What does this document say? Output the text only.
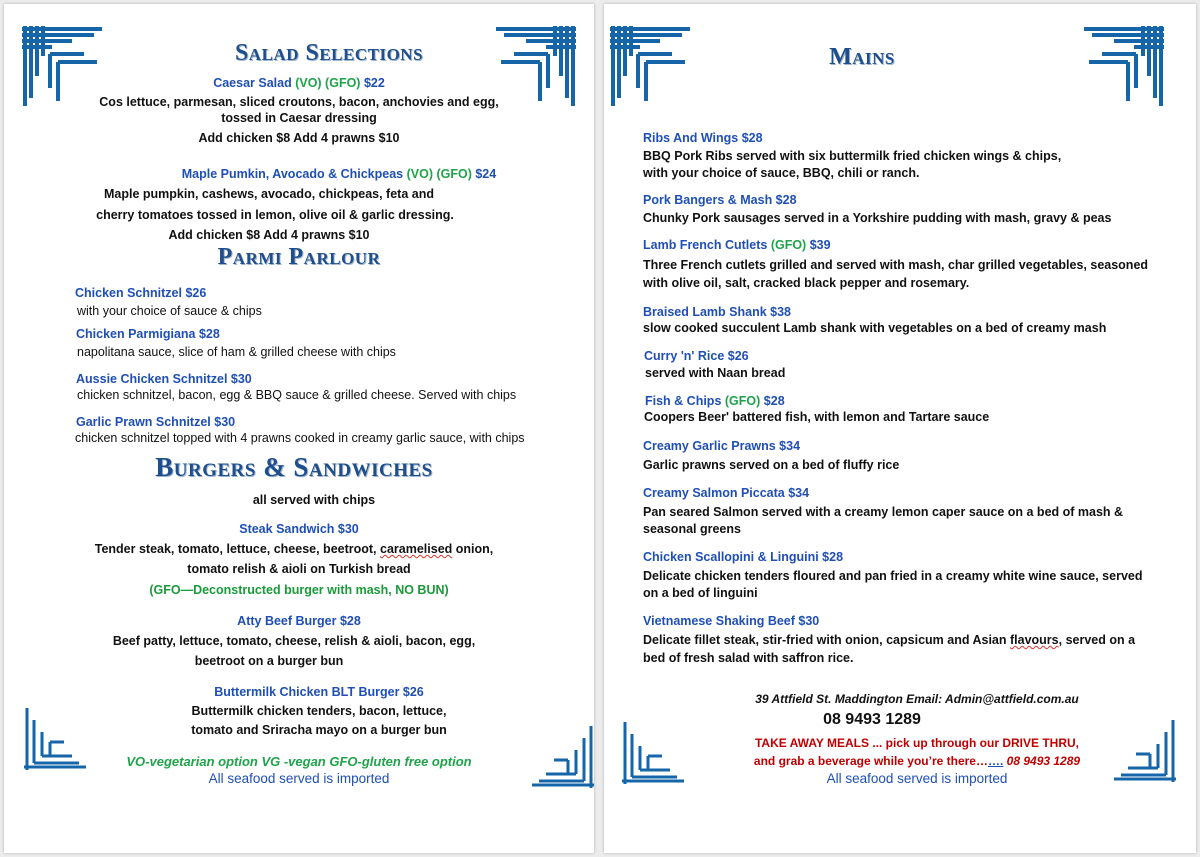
Salad Selections
Caesar Salad (VO) (GFO) $22
Cos lettuce, parmesan, sliced croutons, bacon, anchovies and egg,
tossed in Caesar dressing
Add chicken $8 Add 4 prawns $10
Maple Pumkin, Avocado & Chickpeas (VO) (GFO) $24
Maple pumpkin, cashews, avocado, chickpeas, feta and
cherry tomatoes tossed in lemon, olive oil & garlic dressing.
Add chicken $8 Add 4 prawns $10
Parmi Parlour
Chicken Schnitzel $26
with your choice of sauce & chips
Chicken Parmigiana $28
napolitana sauce, slice of ham & grilled cheese with chips
Aussie Chicken Schnitzel $30
chicken schnitzel, bacon, egg & BBQ sauce & grilled cheese. Served with chips
Garlic Prawn Schnitzel $30
chicken schnitzel topped with 4 prawns cooked in creamy garlic sauce, with chips
Burgers & Sandwiches
all served with chips
Steak Sandwich $30
Tender steak, tomato, lettuce, cheese, beetroot, caramelised onion,
tomato relish & aioli on Turkish bread
(GFO—Deconstructed burger with mash, NO BUN)
Atty Beef Burger $28
Beef patty, lettuce, tomato, cheese, relish & aioli, bacon, egg,
beetroot on a burger bun
Buttermilk Chicken BLT Burger $26
Buttermilk chicken tenders, bacon, lettuce,
tomato and Sriracha mayo on a burger bun
VO-vegetarian option VG -vegan GFO-gluten free option
All seafood served is imported
Mains
Ribs And Wings $28
BBQ Pork Ribs served with six buttermilk fried chicken wings & chips,
with your choice of sauce, BBQ, chili or ranch.
Pork Bangers & Mash $28
Chunky Pork sausages served in a Yorkshire pudding with mash, gravy & peas
Lamb French Cutlets (GFO) $39
Three French cutlets grilled and served with mash, char grilled vegetables, seasoned
with olive oil, salt, cracked black pepper and rosemary.
Braised Lamb Shank $38
slow cooked succulent Lamb shank with vegetables on a bed of creamy mash
Curry 'n' Rice $26
served with Naan bread
Fish & Chips (GFO) $28
Coopers Beer' battered fish, with lemon and Tartare sauce
Creamy Garlic Prawns $34
Garlic prawns served on a bed of fluffy rice
Creamy Salmon Piccata $34
Pan seared Salmon served with a creamy lemon caper sauce on a bed of mash &
seasonal greens
Chicken Scallopini & Linguini $28
Delicate chicken tenders floured and pan fried in a creamy white wine sauce, served
on a bed of linguini
Vietnamese Shaking Beef $30
Delicate fillet steak, stir-fried with onion, capsicum and Asian flavours, served on a
bed of fresh salad with saffron rice.
39 Attfield St. Maddington Email: Admin@attfield.com.au
08 9493 1289
TAKE AWAY MEALS ... pick up through our DRIVE THRU,
and grab a beverage while you’re there……. 08 9493 1289
All seafood served is imported
